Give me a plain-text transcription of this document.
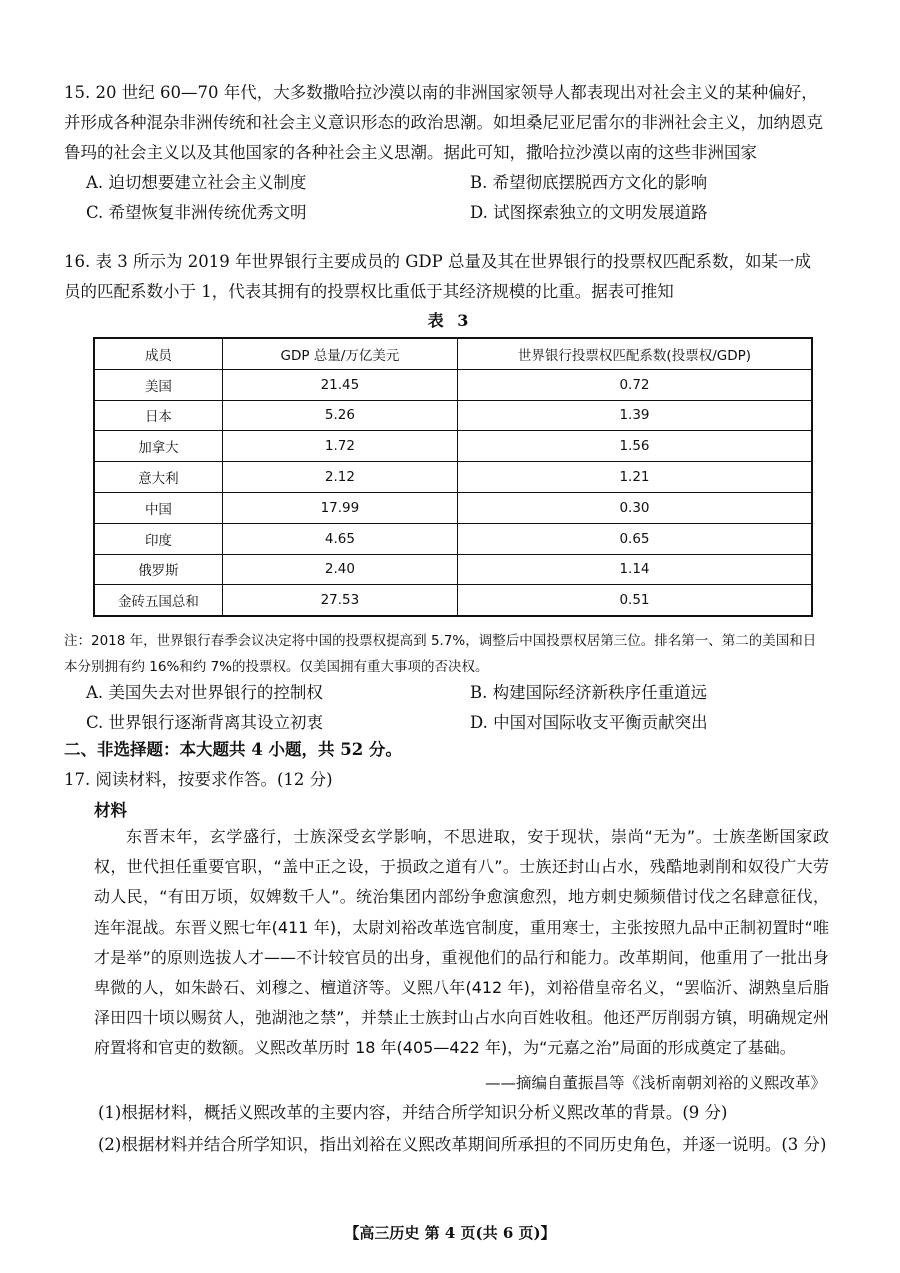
15. 20 世纪 60—70 年代，大多数撒哈拉沙漠以南的非洲国家领导人都表现出对社会主义的某种偏好，并形成各种混杂非洲传统和社会主义意识形态的政治思潮。如坦桑尼亚尼雷尔的非洲社会主义，加纳恩克鲁玛的社会主义以及其他国家的各种社会主义思潮。据此可知，撒哈拉沙漠以南的这些非洲国家

A. 迫切想要建立社会主义制度	B. 希望彻底摆脱西方文化的影响
C. 希望恢复非洲传统优秀文明	D. 试图探索独立的文明发展道路

16. 表 3 所示为 2019 年世界银行主要成员的 GDP 总量及其在世界银行的投票权匹配系数，如某一成员的匹配系数小于 1，代表其拥有的投票权比重低于其经济规模的比重。据表可推知

表 3
成员	GDP 总量/万亿美元	世界银行投票权匹配系数(投票权/GDP)
美国	21.45	0.72
日本	5.26	1.39
加拿大	1.72	1.56
意大利	2.12	1.21
中国	17.99	0.30
印度	4.65	0.65
俄罗斯	2.40	1.14
金砖五国总和	27.53	0.51
注：2018 年，世界银行春季会议决定将中国的投票权提高到 5.7%，调整后中国投票权居第三位。排名第一、第二的美国和日本分别拥有约 16%和约 7%的投票权。仅美国拥有重大事项的否决权。
A. 美国失去对世界银行的控制权	B. 构建国际经济新秩序任重道远
C. 世界银行逐渐背离其设立初衷	D. 中国对国际收支平衡贡献突出
二、非选择题：本大题共 4 小题，共 52 分。
17. 阅读材料，按要求作答。(12 分)
材料
东晋末年，玄学盛行，士族深受玄学影响，不思进取，安于现状，崇尚“无为”。士族垄断国家政权，世代担任重要官职，“盖中正之设，于损政之道有八”。士族还封山占水，残酷地剥削和奴役广大劳动人民，“有田万顷，奴婢数千人”。统治集团内部纷争愈演愈烈，地方刺史频频借讨伐之名肆意征伐，连年混战。东晋义熙七年(411 年)，太尉刘裕改革选官制度，重用寒士，主张按照九品中正制初置时“唯才是举”的原则选拔人才——不计较官员的出身，重视他们的品行和能力。改革期间，他重用了一批出身卑微的人，如朱龄石、刘穆之、檀道济等。义熙八年(412 年)，刘裕借皇帝名义，“罢临沂、湖熟皇后脂泽田四十顷以赐贫人，弛湖池之禁”，并禁止士族封山占水向百姓收租。他还严厉削弱方镇，明确规定州府置将和官吏的数额。义熙改革历时 18 年(405—422 年)，为“元嘉之治”局面的形成奠定了基础。
——摘编自董振昌等《浅析南朝刘裕的义熙改革》
(1)根据材料，概括义熙改革的主要内容，并结合所学知识分析义熙改革的背景。(9 分)
(2)根据材料并结合所学知识，指出刘裕在义熙改革期间所承担的不同历史角色，并逐一说明。(3 分)
【高三历史 第 4 页(共 6 页)】
